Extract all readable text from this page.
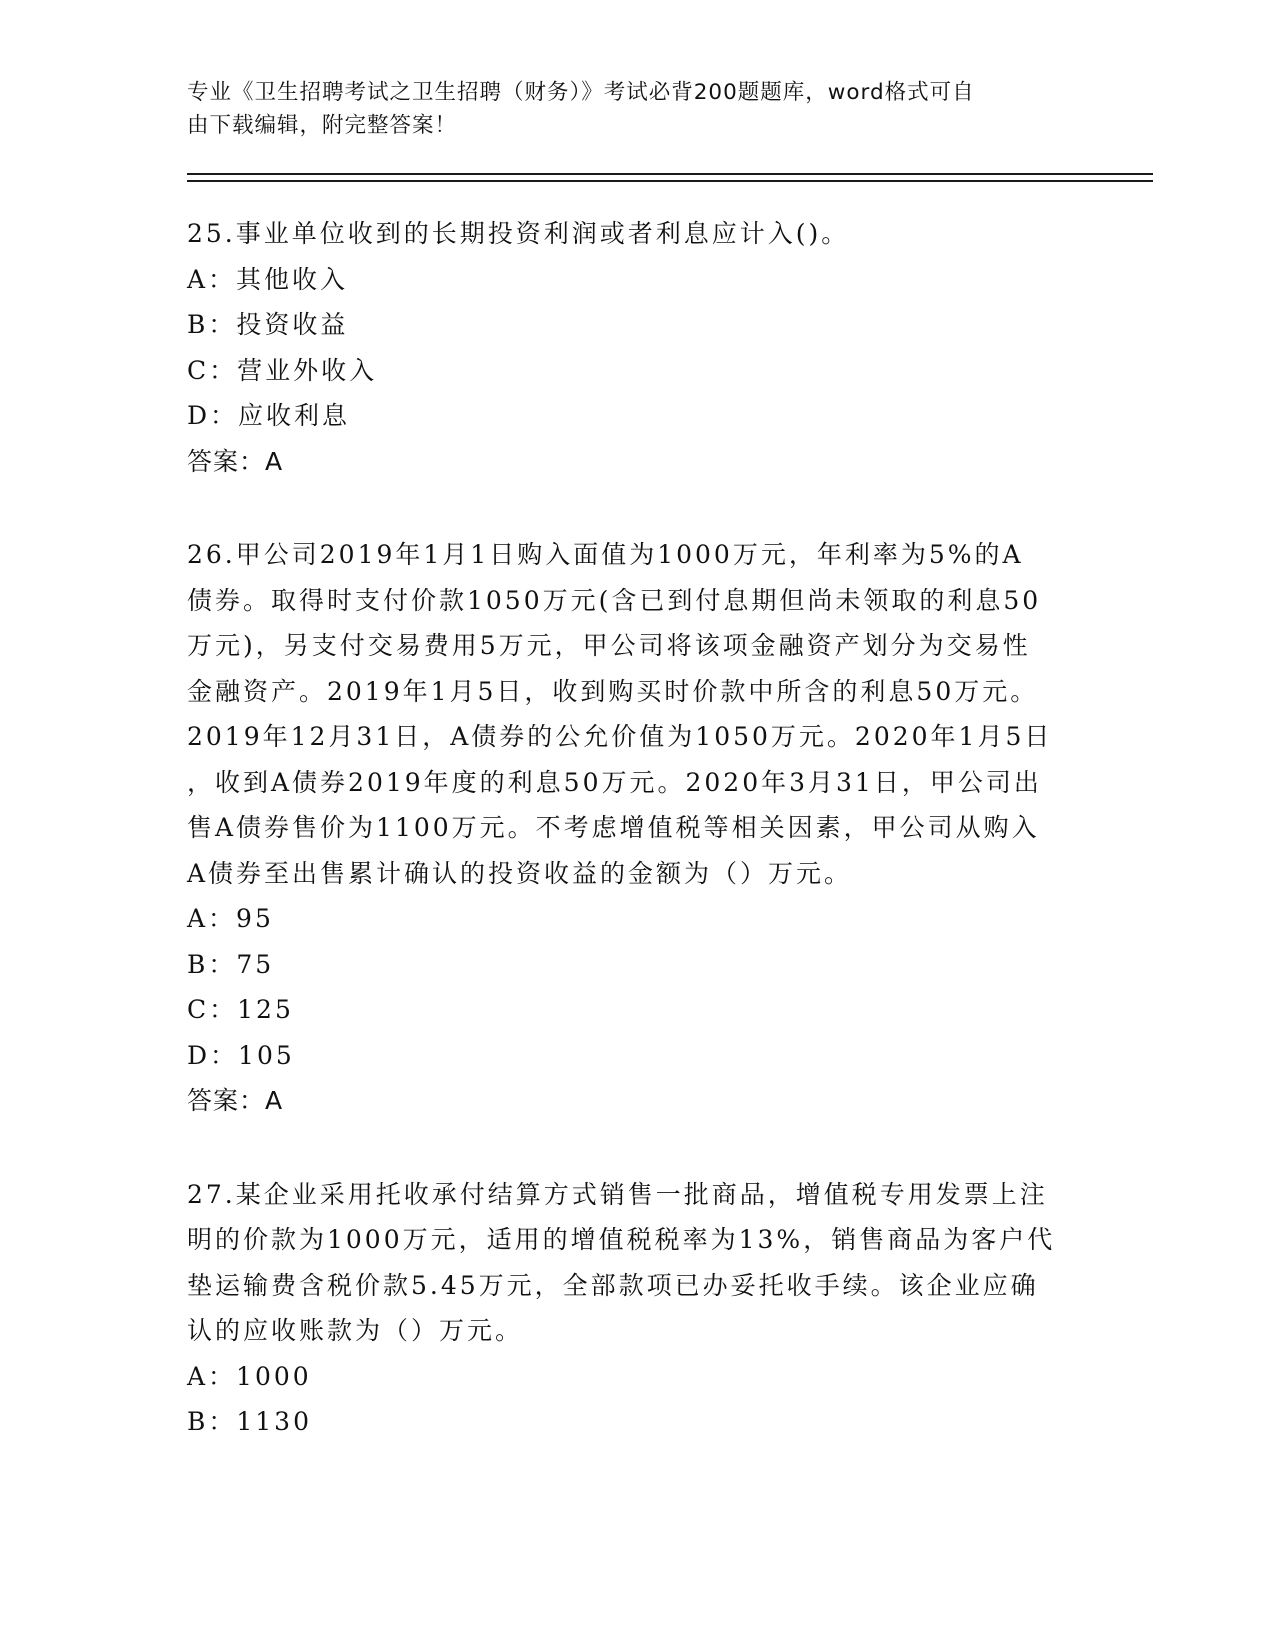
专业《卫生招聘考试之卫生招聘（财务）》考试必背200题题库，word格式可自
由下载编辑，附完整答案！

25.事业单位收到的长期投资利润或者利息应计入()。

A：其他收入

B：投资收益

C：营业外收入

D：应收利息

答案：A

26.甲公司2019年1月1日购入面值为1000万元，年利率为5%的A

债券。取得时支付价款1050万元(含已到付息期但尚未领取的利息50

万元)，另支付交易费用5万元，甲公司将该项金融资产划分为交易性

金融资产。2019年1月5日，收到购买时价款中所含的利息50万元。

2019年12月31日，A债券的公允价值为1050万元。2020年1月5日

，收到A债券2019年度的利息50万元。2020年3月31日，甲公司出

售A债券售价为1100万元。不考虑增值税等相关因素，甲公司从购入

A债券至出售累计确认的投资收益的金额为（）万元。

A：95

B：75

C：125

D：105

答案：A

27.某企业采用托收承付结算方式销售一批商品，增值税专用发票上注

明的价款为1000万元，适用的增值税税率为13%，销售商品为客户代

垫运输费含税价款5.45万元，全部款项已办妥托收手续。该企业应确

认的应收账款为（）万元。

A：1000

B：1130
